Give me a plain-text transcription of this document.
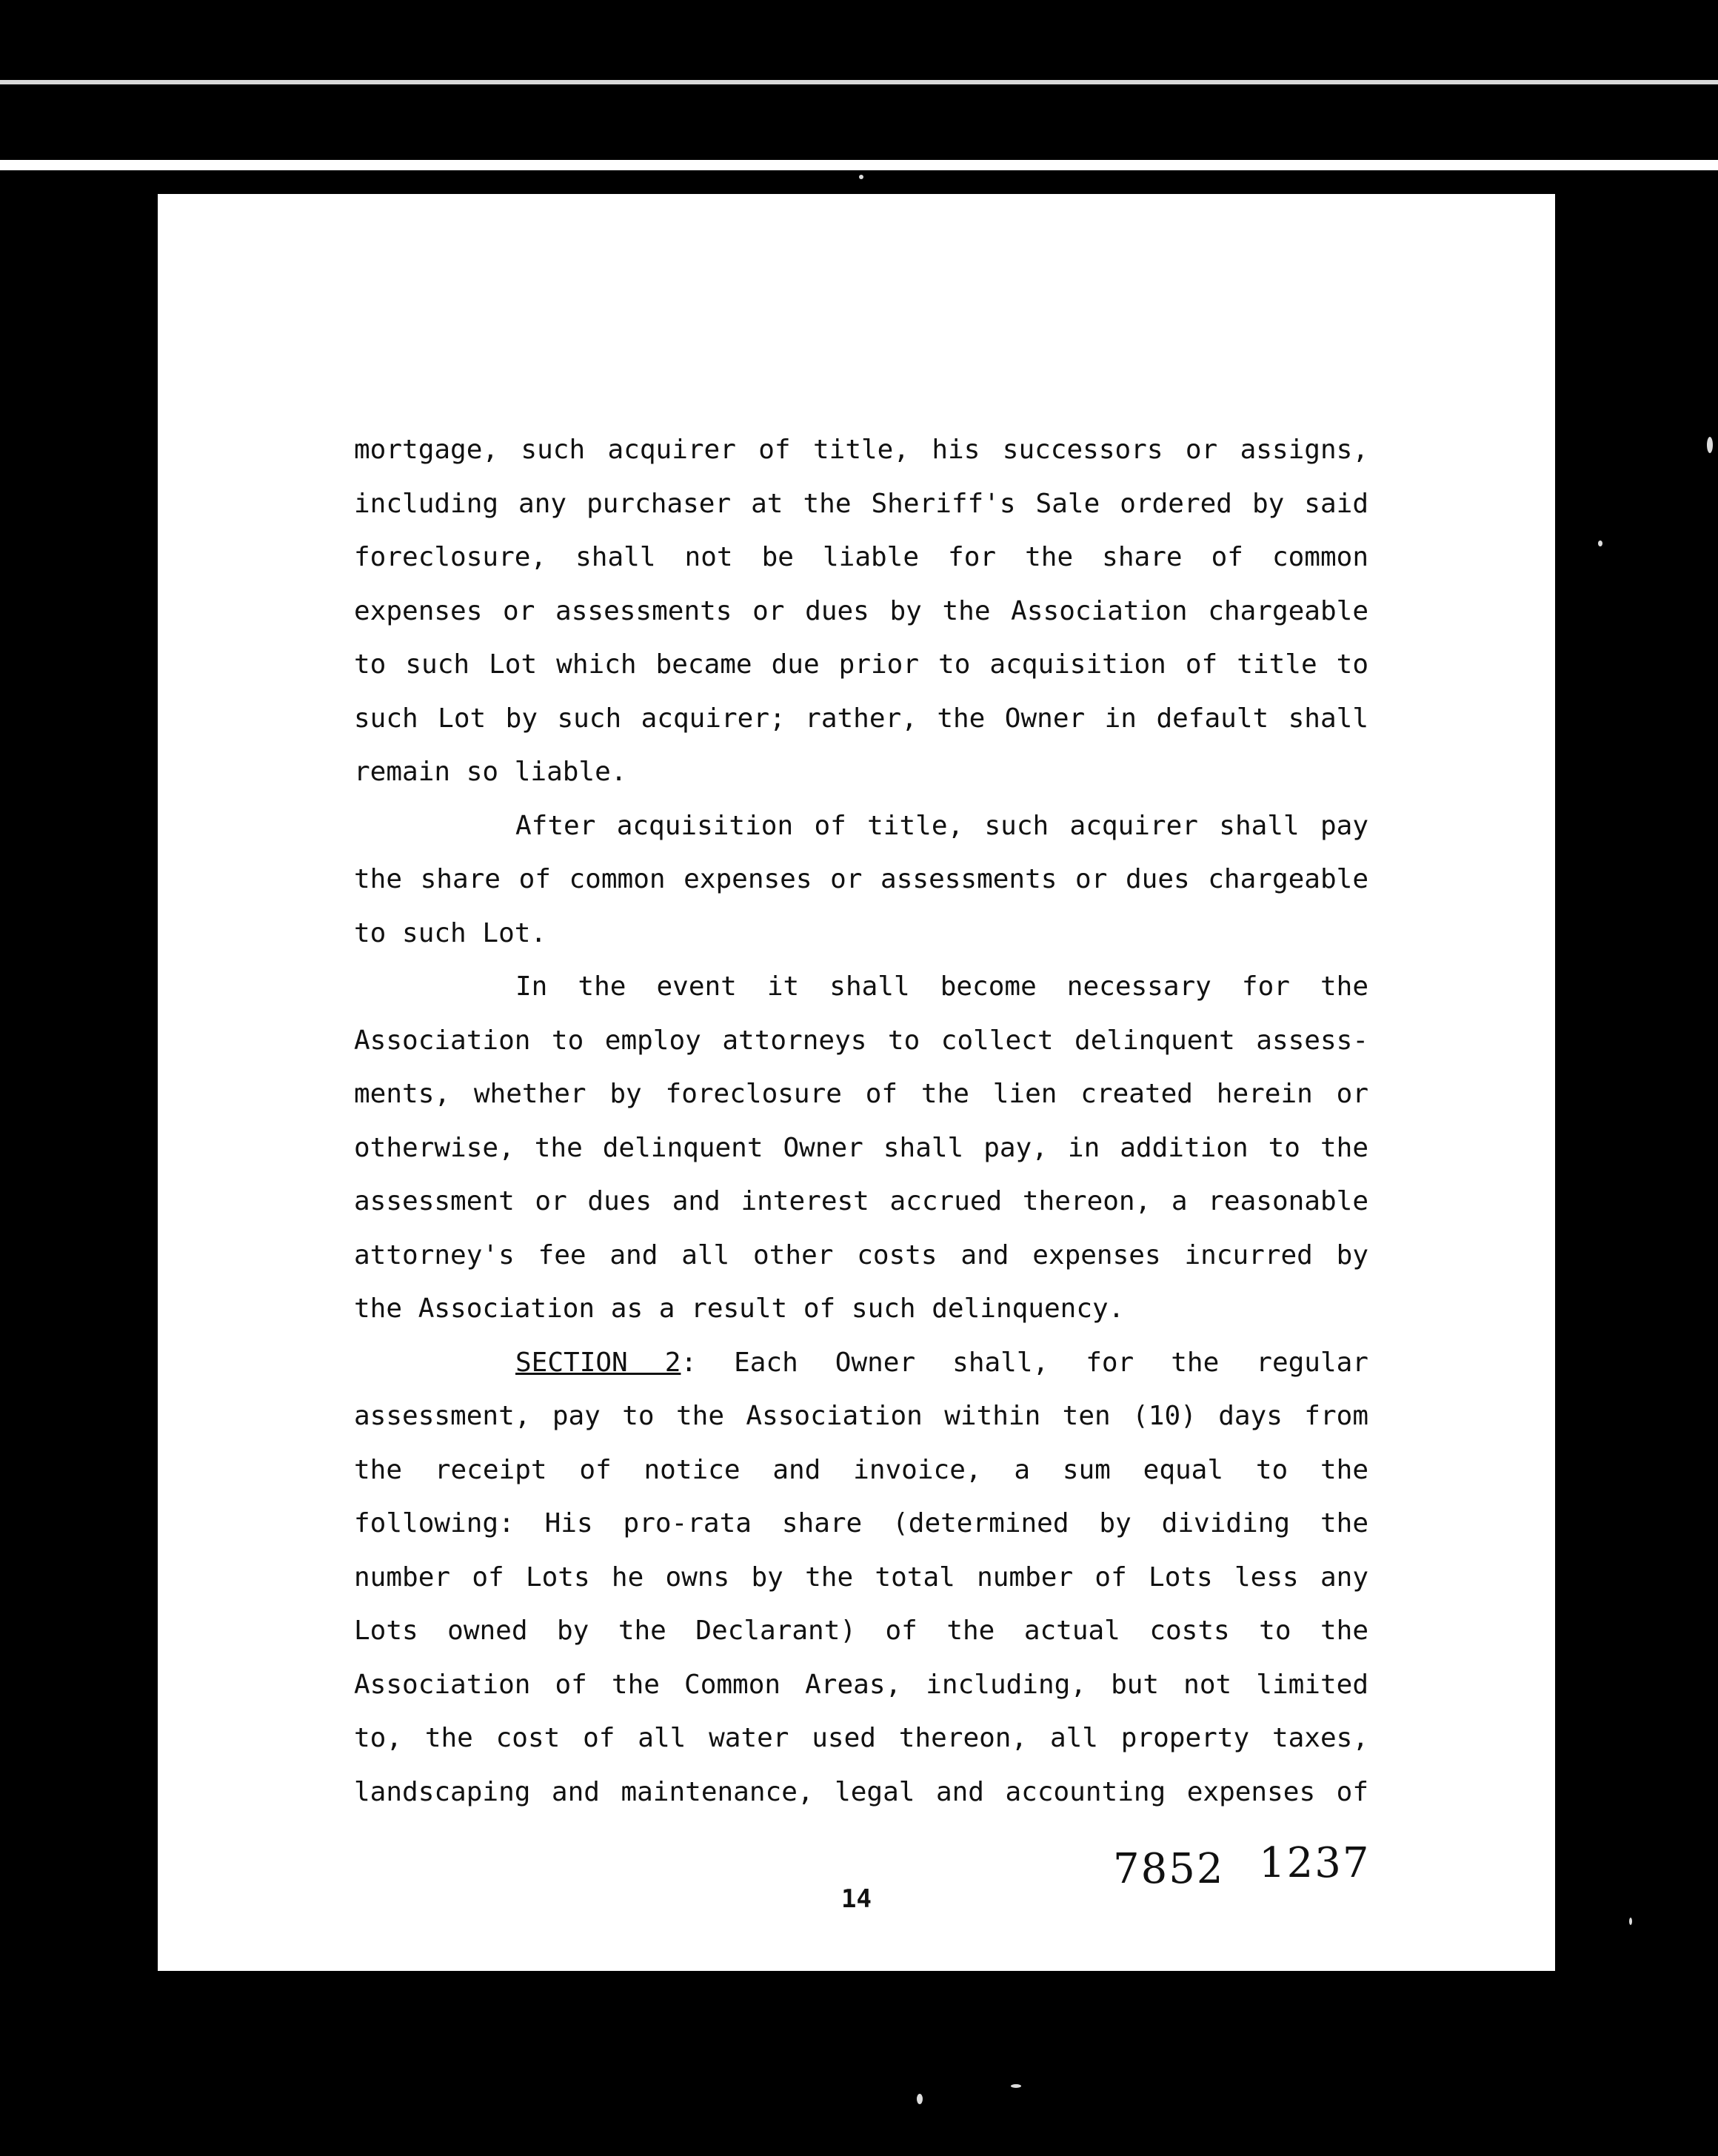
mortgage, such acquirer of title, his successors or assigns,
including any purchaser at the Sheriff's Sale ordered by said
foreclosure, shall not be liable for the share of common
expenses or assessments or dues by the Association chargeable
to such Lot which became due prior to acquisition of title to
such Lot by such acquirer; rather, the Owner in default shall
remain so liable.
After acquisition of title, such acquirer shall pay
the share of common expenses or assessments or dues chargeable
to such Lot.
In the event it shall become necessary for the
Association to employ attorneys to collect delinquent assess-
ments, whether by foreclosure of the lien created herein or
otherwise, the delinquent Owner shall pay, in addition to the
assessment or dues and interest accrued thereon, a reasonable
attorney's fee and all other costs and expenses incurred by
the Association as a result of such delinquency.
SECTION 2: Each Owner shall, for the regular
assessment, pay to the Association within ten (10) days from
the receipt of notice and invoice, a sum equal to the
following: His pro-rata share (determined by dividing the
number of Lots he owns by the total number of Lots less any
Lots owned by the Declarant) of the actual costs to the
Association of the Common Areas, including, but not limited
to, the cost of all water used thereon, all property taxes,
landscaping and maintenance, legal and accounting expenses of
7852 1237
14
